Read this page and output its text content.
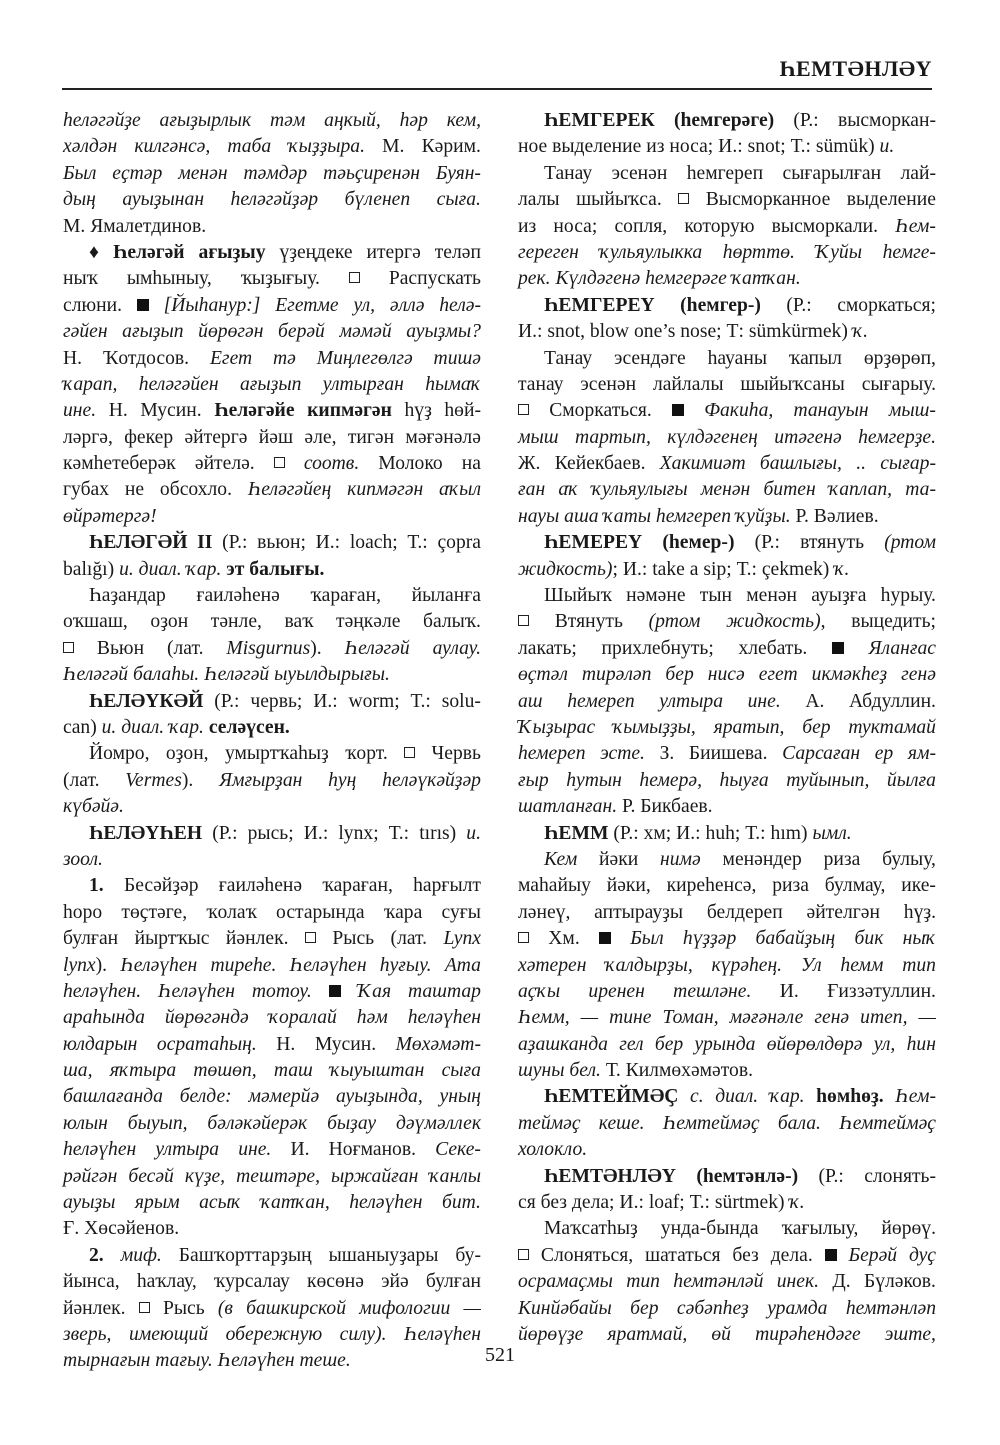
ҺЕМТӘНЛӘҮ
һеләгәйҙе ағыҙырлык тәм аңкый, һәр кем,
хәлдән килгәнсә, таба ҡыҙҙыра. М. Кәрим.
Был еҫтәр менән тәмдәр тәьҫиренән Буян-
дың ауыҙынан һеләгәйҙәр бүленеп сыға.
М.
Ямалетдинов.
♦ Һеләгәй ағыҙыу үҙеңдеке итергә теләп
ныҡ ымһыныу, ҡыҙығыу.	Распускать
слюни. [Йыһанур:] Егетме ул, әллә һелә-
гәйен ағыҙып йөрөгән берәй мәмәй ауыҙмы?
Н. Ҡотдосов. Егет тә Миңлегөлгә тишә
ҡарап, һеләгәйен ағыҙып ултырған һымаҡ
ине. Н. Мусин. Һеләгәйе кипмәгән һүҙ һөй-
ләргә, фекер әйтергә йәш әле, тигән мәғәнәлә
кәмһетеберәк әйтелә.	соотв. Молоко на
губах не обсохло. Һеләгәйең кипмәгән аҡыл
өйрәтергә!
ҺЕЛӘГӘЙ II (Р.: вьюн; И.: loach; Т.: çopra
balığı)
и.
диал.
ҡар.
эт
балығы.
Һаҙандар ғаиләһенә ҡараған, йыланға
оҡшаш, оҙон тәнле, ваҡ тәңкәле балыҡ.
Вьюн (лат. Misgurnus). Һеләгәй аулау.
Һеләгәй
балаһы.
Һеләгәй
ыуылдырығы.
ҺЕЛӘҮКӘЙ (Р.: червь; И.: worm; Т.: solu-
can)
и.
диал.
ҡар.
селәүсен.
Йомро, оҙон, умыртҡаһыҙ ҡорт. Червь
(лат. Vermes). Ямғырҙан һуң һеләүкәйҙәр
күбәйә.
ҺЕЛӘҮҺЕН (Р.: рысь; И.: lynx; Т.: tırıs) и.
зоол.
1. Бесәйҙәр ғаиләһенә ҡараған, һарғылт
һоро төҫтәге, ҡолаҡ остарында ҡара суғы
булған йыртҡыс йәнлек. Рысь (лат. Lynx
lynx). Һеләүһен тиреһе. Һеләүһен һуғыу. Ата
һеләүһен. Һеләүһен тотоу. Ҡая таштар
араһында йөрөгәндә ҡоралай һәм һеләүһен
юлдарын осратаһың. Н. Мусин. Мөхәмәт-
ша, яҡтыра төшөп, таш ҡыуыштан сыға
башлағанда белде: мәмерйә ауыҙында, уның
юлын быуып, бәләкәйерәк быҙау дәүмәллек
һеләүһен ултыра ине. И. Ноғманов. Секе-
рәйгән бесәй күҙе, тештәре, ыржайған ҡанлы
ауыҙы ярым асыҡ ҡатҡан, һеләүһен бит.
Ғ.
Хөсәйенов.
2. миф. Башҡорттарҙың ышаныуҙары бу-
йынса, һаҡлау, ҡурсалау көсөнә эйә булған
йәнлек. Рысь (в башкирской мифологии —
зверь, имеющий обережную силу). Һеләүһен
тырнағын
тағыу.
Һеләүһен
теше.
ҺЕМГЕРЕК (һемгерәге) (Р.: высморкан-
ное
выделение
из
носа;
И.:
snot;
Т.:
sümük)
и.
Танау эсенән һемгереп сығарылған лай-
лалы шыйыҡса. Высморканное выделение
из носа; сопля, которую высморкали. Һем-
гереген ҡульяулыкка һөрттө. Ҡуйы һемге-
рек.
Күлдәгенә
һемгерәге
ҡатҡан.
ҺЕМГЕРЕҮ (һемгер-) (Р.: сморкаться;
И.:
snot,
blow
one’s
nose;
Т:
sümkürmek)
ҡ.
Танау эсендәге һауаны ҡапыл өрҙөрөп,
танау эсенән лайлалы шыйыҡсаны сығарыу.
Сморкаться.	Факиһа, танауын мыш-
мыш тартып, күлдәгенең итәгенә һемгерҙе.
Ж. Кейекбаев. Хакимиәт башлығы, .. сығар-
ған аҡ ҡульяулығы менән битен ҡаплап, та-
науы
аша
ҡаты
һемгереп
ҡуйҙы.
Р.
Вәлиев.
ҺЕМЕРЕҮ (һемер-) (Р.: втянуть (ртом
жидкость);
И.:
take
a
sip;
Т.:
çekmek)
ҡ.
Шыйыҡ нәмәне тын менән ауыҙға һурыу.
Втянуть (ртом жидкость), выцедить;
лакать; прихлебнуть; хлебать.	Яланғас
өҫтәл тирәләп бер нисә егет икмәкһеҙ генә
аш һемереп ултыра ине. А. Абдуллин.
Ҡыҙырас ҡымыҙҙы, яратып, бер туктамай
һемереп эсте. З. Биишева. Сарсаған ер ям-
ғыр һутын һемерә, һыуға туйынып, йылға
шатланған.
Р.
Бикбаев.
ҺЕММ
(Р.:
хм;
И.:
huh;
Т.:
hım)
ымл.
Кем йәки нимә менәндер риза булыу,
маһайыу йәки, киреһенсә, риза булмау, ике-
ләнеү, аптырауҙы белдереп әйтелгән һүҙ.
Хм.	Был һүҙҙәр бабайҙың бик ныҡ
хәтерен ҡалдырҙы, күрәһең. Ул һемм тип
аҫҡы иренен тешләне. И. Ғиззәтуллин.
Һемм, — тине Томан, мәғәнәле генә итеп, —
аҙашканда гел бер урында өйөрөлдөрә ул, һин
шуны
бел.
Т.
Килмөхәмәтов.
ҺЕМТЕЙМӘҪ с. диал. ҡар. һөмһөҙ. Һем-
теймәҫ кеше. Һемтеймәҫ бала. Һемтеймәҫ
холокло.
ҺЕМТӘНЛӘҮ (һемтәнлә-) (Р.: слонять-
ся
без
дела;
И.:
loaf;
Т.:
sürtmek)
ҡ.
Маҡсатһыҙ унда-бында ҡағылыу, йөрөү.
Слоняться, шататься без дела. Берәй дуҫ
осрамаҫмы тип һемтәнләй инек. Д. Бүләков.
Кинйәбайы бер сәбәпһеҙ урамда һемтәнләп
йөрөүҙе яратмай, өй тирәһендәге эште,
521
